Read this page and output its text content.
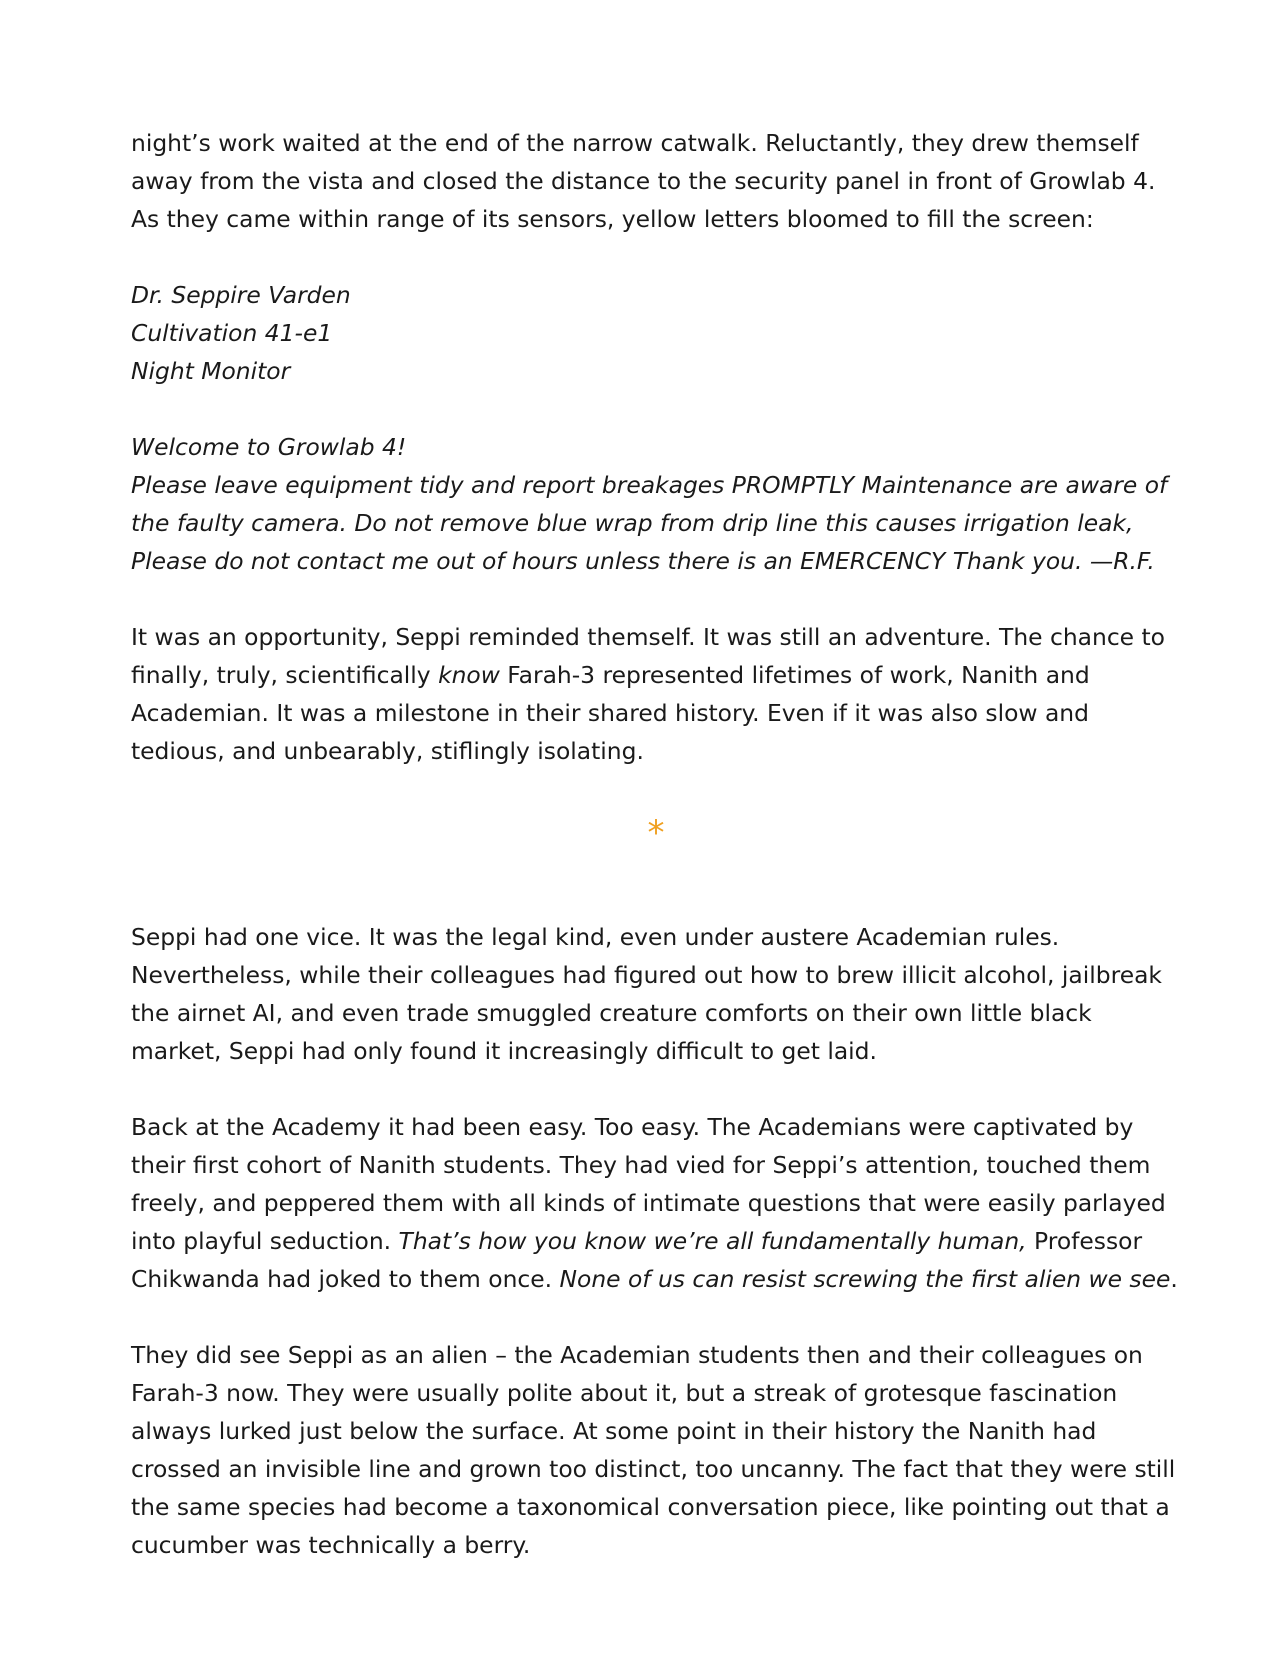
night’s work waited at the end of the narrow catwalk. Reluctantly, they drew themself away from the vista and closed the distance to the security panel in front of Growlab 4. As they came within range of its sensors, yellow letters bloomed to fill the screen:

Dr. Seppire Varden

Cultivation 41-e1

Night Monitor

Welcome to Growlab 4!

Please leave equipment tidy and report breakages PROMPTLY Maintenance are aware of the faulty camera. Do not remove blue wrap from drip line this causes irrigation leak, Please do not contact me out of hours unless there is an EMERCENCY Thank you. —R.F.

It was an opportunity, Seppi reminded themself. It was still an adventure. The chance to finally, truly, scientifically know Farah-3 represented lifetimes of work, Nanith and Academian. It was a milestone in their shared history. Even if it was also slow and tedious, and unbearably, stiflingly isolating.

*

Seppi had one vice. It was the legal kind, even under austere Academian rules. Nevertheless, while their colleagues had figured out how to brew illicit alcohol, jailbreak the airnet AI, and even trade smuggled creature comforts on their own little black market, Seppi had only found it increasingly difficult to get laid.

Back at the Academy it had been easy. Too easy. The Academians were captivated by their first cohort of Nanith students. They had vied for Seppi’s attention, touched them freely, and peppered them with all kinds of intimate questions that were easily parlayed into playful seduction. That’s how you know we’re all fundamentally human, Professor Chikwanda had joked to them once. None of us can resist screwing the first alien we see.

They did see Seppi as an alien – the Academian students then and their colleagues on Farah-3 now. They were usually polite about it, but a streak of grotesque fascination always lurked just below the surface. At some point in their history the Nanith had crossed an invisible line and grown too distinct, too uncanny. The fact that they were still the same species had become a taxonomical conversation piece, like pointing out that a cucumber was technically a berry.
